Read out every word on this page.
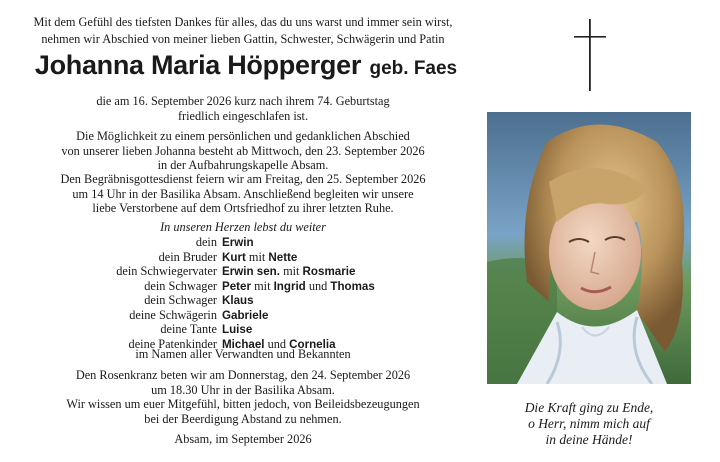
Mit dem Gefühl des tiefsten Dankes für alles, das du uns warst und immer sein wirst,
nehmen wir Abschied von meiner lieben Gattin, Schwester, Schwägerin und Patin
Johanna Maria Höpperger geb. Faes
die am 16. September 2026 kurz nach ihrem 74. Geburtstag
friedlich eingeschlafen ist.
Die Möglichkeit zu einem persönlichen und gedanklichen Abschied
von unserer lieben Johanna besteht ab Mittwoch, den 23. September 2026
in der Aufbahrungskapelle Absam.
Den Begräbnisgottesdienst feiern wir am Freitag, den 25. September 2026
um 14 Uhr in der Basilika Absam. Anschließend begleiten wir unsere
liebe Verstorbene auf dem Ortsfriedhof zu ihrer letzten Ruhe.
In unseren Herzen lebst du weiter
dein Erwin
dein Bruder Kurt mit Nette
dein Schwiegervater Erwin sen. mit Rosmarie
dein Schwager Peter mit Ingrid und Thomas
dein Schwager Klaus
deine Schwägerin Gabriele
deine Tante Luise
deine Patenkinder Michael und Cornelia
im Namen aller Verwandten und Bekannten
Den Rosenkranz beten wir am Donnerstag, den 24. September 2026
um 18.30 Uhr in der Basilika Absam.
Wir wissen um euer Mitgefühl, bitten jedoch, von Beileidsbezeugungen
bei der Beerdigung Abstand zu nehmen.
Absam, im September 2026
Die Kraft ging zu Ende,
o Herr, nimm mich auf
in deine Hände!
